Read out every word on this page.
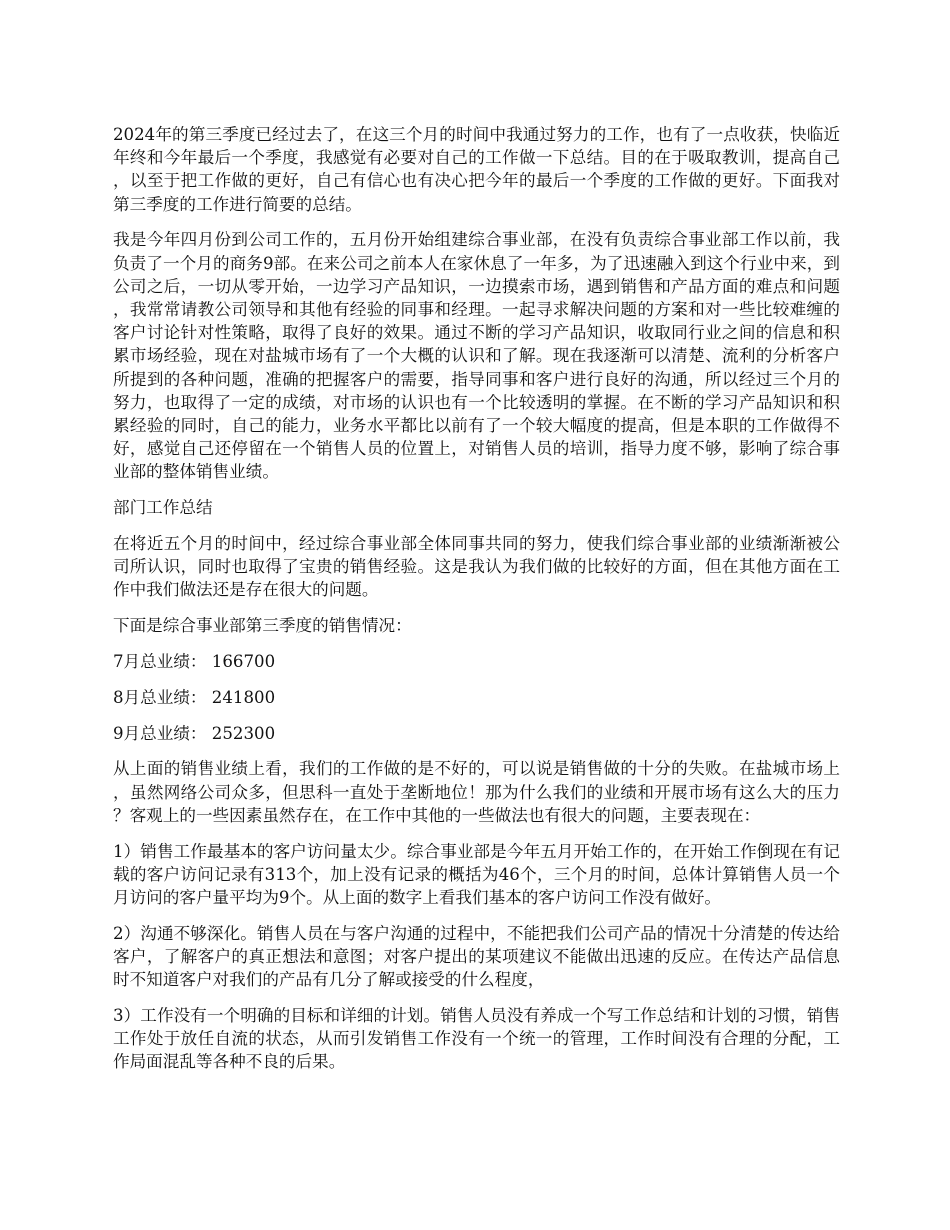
2024年的第三季度已经过去了，在这三个月的时间中我通过努力的工作，也有了一点收获，快临近年终和今年最后一个季度，我感觉有必要对自己的工作做一下总结。目的在于吸取教训，提高自己，以至于把工作做的更好，自己有信心也有决心把今年的最后一个季度的工作做的更好。下面我对第三季度的工作进行简要的总结。

我是今年四月份到公司工作的，五月份开始组建综合事业部，在没有负责综合事业部工作以前，我负责了一个月的商务9部。在来公司之前本人在家休息了一年多，为了迅速融入到这个行业中来，到公司之后，一切从零开始，一边学习产品知识，一边摸索市场，遇到销售和产品方面的难点和问题，我常常请教公司领导和其他有经验的同事和经理。一起寻求解决问题的方案和对一些比较难缠的客户讨论针对性策略，取得了良好的效果。通过不断的学习产品知识，收取同行业之间的信息和积累市场经验，现在对盐城市场有了一个大概的认识和了解。现在我逐渐可以清楚、流利的分析客户所提到的各种问题，准确的把握客户的需要，指导同事和客户进行良好的沟通，所以经过三个月的努力，也取得了一定的成绩，对市场的认识也有一个比较透明的掌握。在不断的学习产品知识和积累经验的同时，自己的能力，业务水平都比以前有了一个较大幅度的提高，但是本职的工作做得不好，感觉自己还停留在一个销售人员的位置上，对销售人员的培训，指导力度不够，影响了综合事业部的整体销售业绩。

部门工作总结

在将近五个月的时间中，经过综合事业部全体同事共同的努力，使我们综合事业部的业绩渐渐被公司所认识，同时也取得了宝贵的销售经验。这是我认为我们做的比较好的方面，但在其他方面在工作中我们做法还是存在很大的问题。

下面是综合事业部第三季度的销售情况：

7月总业绩： 166700

8月总业绩： 241800

9月总业绩： 252300

从上面的销售业绩上看，我们的工作做的是不好的，可以说是销售做的十分的失败。在盐城市场上，虽然网络公司众多，但思科一直处于垄断地位！那为什么我们的业绩和开展市场有这么大的压力？客观上的一些因素虽然存在，在工作中其他的一些做法也有很大的问题，主要表现在：

1）销售工作最基本的客户访问量太少。综合事业部是今年五月开始工作的，在开始工作倒现在有记载的客户访问记录有313个，加上没有记录的概括为46个，三个月的时间，总体计算销售人员一个月访问的客户量平均为9个。从上面的数字上看我们基本的客户访问工作没有做好。

2）沟通不够深化。销售人员在与客户沟通的过程中，不能把我们公司产品的情况十分清楚的传达给客户，了解客户的真正想法和意图；对客户提出的某项建议不能做出迅速的反应。在传达产品信息时不知道客户对我们的产品有几分了解或接受的什么程度，

3）工作没有一个明确的目标和详细的计划。销售人员没有养成一个写工作总结和计划的习惯，销售工作处于放任自流的状态，从而引发销售工作没有一个统一的管理，工作时间没有合理的分配，工作局面混乱等各种不良的后果。
